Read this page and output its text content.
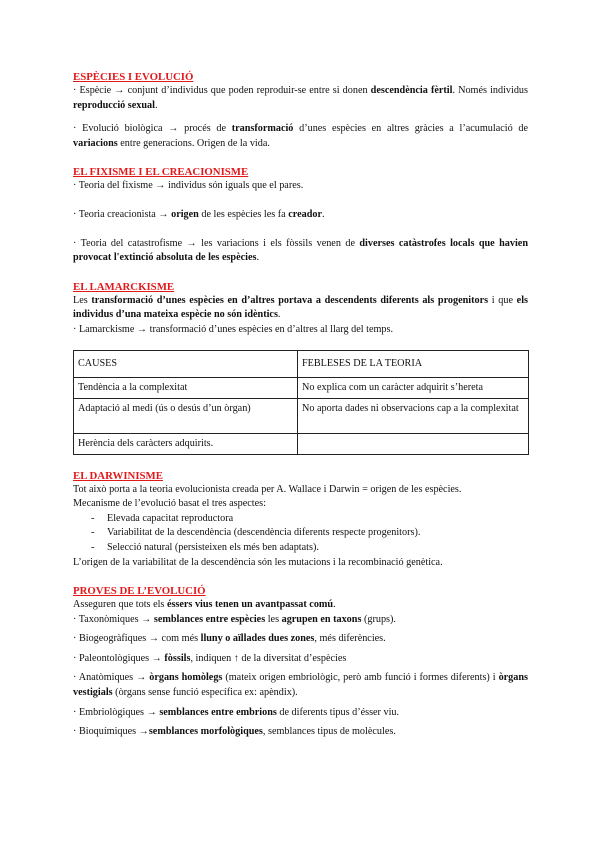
ESPÈCIES I EVOLUCIÓ

· Espècie → conjunt d’individus que poden reproduir-se entre si donen descendència fèrtil. Només individus reproducció sexual.

· Evolució biològica → procés de transformació d’unes espècies en altres gràcies a l’acumulació de variacions entre generacions. Origen de la vida.

EL FIXISME I EL CREACIONISME

· Teoria del fixisme → individus són iguals que el pares.

· Teoria creacionista → origen de les espècies les fa creador.

· Teoria del catastrofisme → les variacions i els fòssils venen de diverses catàstrofes locals que havien provocat l'extinció absoluta de les espècies.

EL LAMARCKISME

Les transformació d’unes espècies en d’altres portava a descendents diferents als progenitors i que els individus d’una mateixa espècie no són idèntics.

· Lamarckisme → transformació d’unes espècies en d’altres al llarg del temps.

CAUSES	FEBLESES DE LA TEORIA
Tendència a la complexitat	No explica com un caràcter adquirit s’hereta
Adaptació al medi (ús o desús d’un òrgan)	No aporta dades ni observacions cap a la complexitat
Herència dels caràcters adquirits.	
EL DARWINISME

Tot això porta a la teoria evolucionista creada per A. Wallace i Darwin = origen de les espècies.

Mecanisme de l’evolució basat el tres aspectes:

- Elevada capacitat reproductora
- Variabilitat de la descendència (descendència diferents respecte progenitors).
- Selecció natural (persisteixen els més ben adaptats).

L’origen de la variabilitat de la descendència són les mutacions i la recombinació genètica.

PROVES DE L’EVOLUCIÓ

Asseguren que tots els éssers vius tenen un avantpassat comú.

· Taxonòmiques → semblances entre espècies les agrupen en taxons (grups).

· Biogeogràfiques → com més lluny o aïllades dues zones, més diferències.

· Paleontològiques → fòssils, indiquen ↑ de la diversitat d’espècies

· Anatòmiques → òrgans homòlegs (mateix origen embriològic, però amb funció i formes diferents) i òrgans vestigials (òrgans sense funció específica ex: apèndix).

· Embriològiques → semblances entre embrions de diferents tipus d’ésser viu.

· Bioquímiques →semblances morfològiques, semblances tipus de molècules.
